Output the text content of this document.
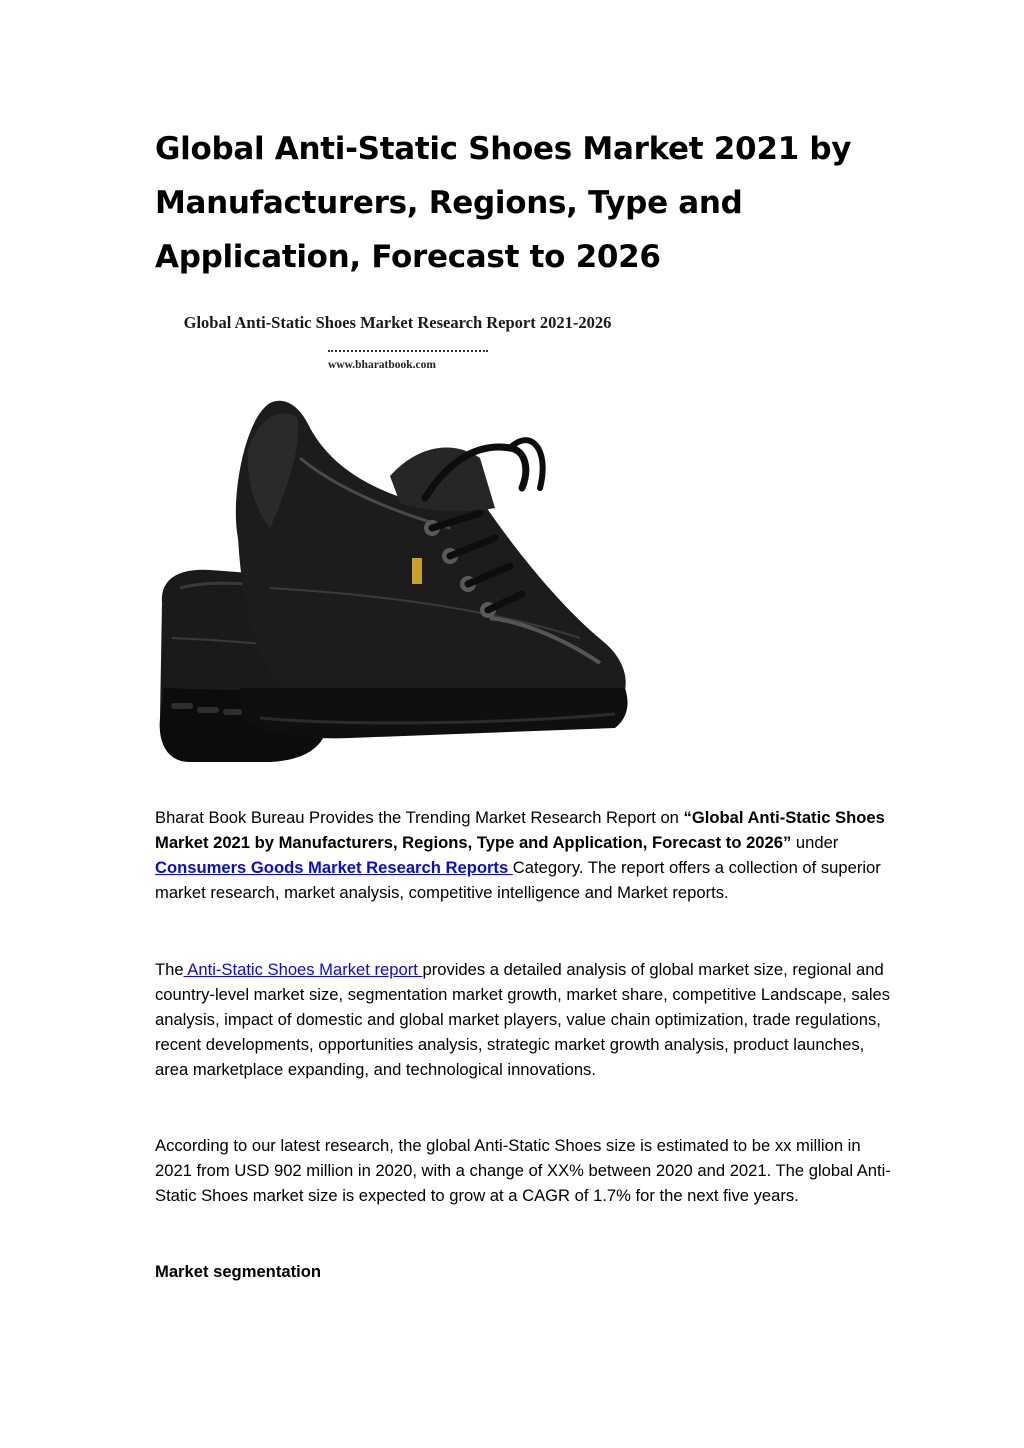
Global Anti-Static Shoes Market 2021 by Manufacturers, Regions, Type and Application, Forecast to 2026
Global Anti-Static Shoes Market Research Report 2021-2026
www.bharatbook.com

Bharat Book Bureau Provides the Trending Market Research Report on “Global Anti-Static Shoes Market 2021 by Manufacturers, Regions, Type and Application, Forecast to 2026” under Consumers Goods Market Research Reports Category. The report offers a collection of superior market research, market analysis, competitive intelligence and Market reports.

The Anti-Static Shoes Market report provides a detailed analysis of global market size, regional and country-level market size, segmentation market growth, market share, competitive Landscape, sales analysis, impact of domestic and global market players, value chain optimization, trade regulations, recent developments, opportunities analysis, strategic market growth analysis, product launches, area marketplace expanding, and technological innovations.

According to our latest research, the global Anti-Static Shoes size is estimated to be xx million in 2021 from USD 902 million in 2020, with a change of XX% between 2020 and 2021. The global Anti-Static Shoes market size is expected to grow at a CAGR of 1.7% for the next five years.

Market segmentation
